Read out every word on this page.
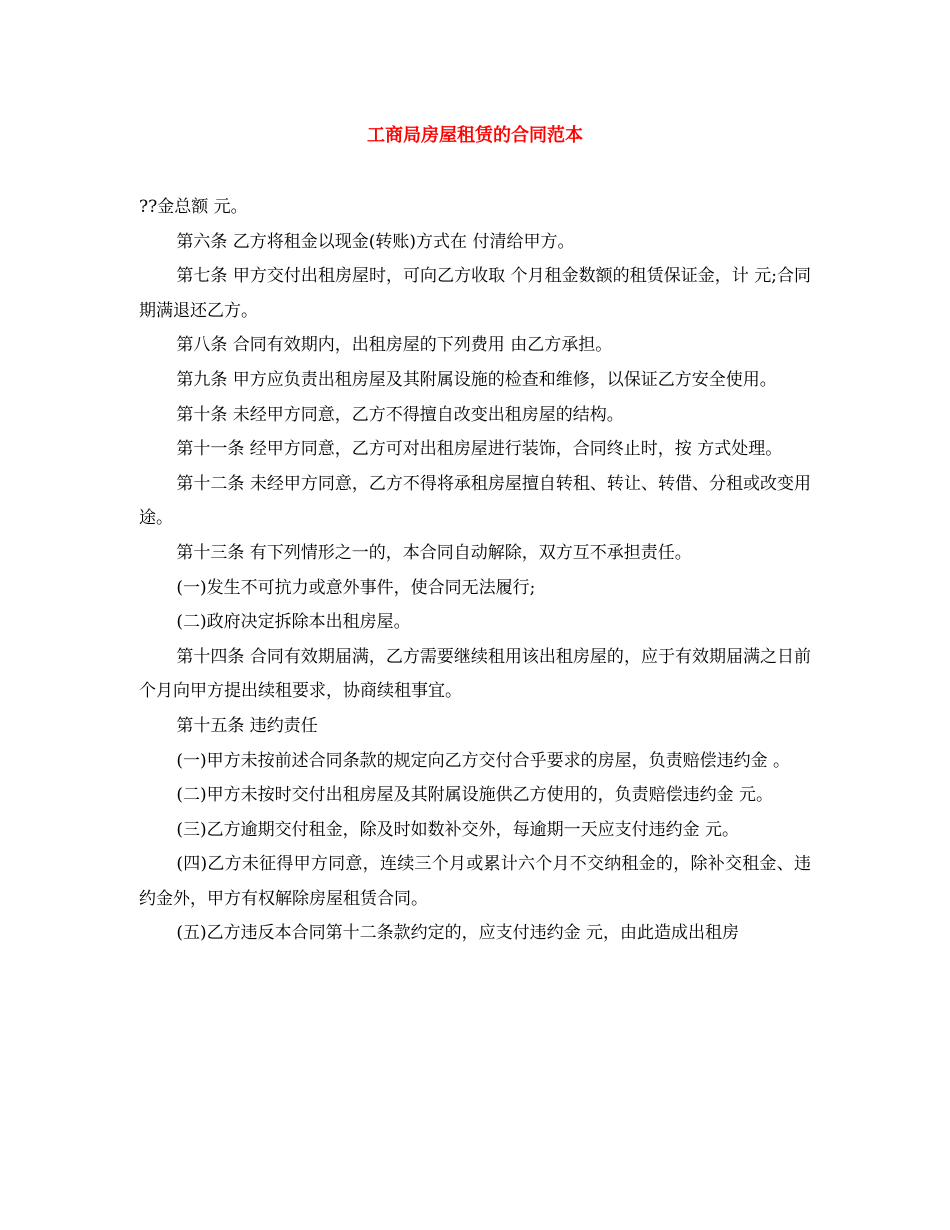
工商局房屋租赁的合同范本

??金总额 元。

第六条 乙方将租金以现金(转账)方式在 付清给甲方。

第七条 甲方交付出租房屋时，可向乙方收取 个月租金数额的租赁保证金，计 元;合同期满退还乙方。

第八条 合同有效期内，出租房屋的下列费用 由乙方承担。

第九条 甲方应负责出租房屋及其附属设施的检查和维修，以保证乙方安全使用。

第十条 未经甲方同意，乙方不得擅自改变出租房屋的结构。

第十一条 经甲方同意，乙方可对出租房屋进行装饰，合同终止时，按 方式处理。

第十二条 未经甲方同意，乙方不得将承租房屋擅自转租、转让、转借、分租或改变用途。

第十三条 有下列情形之一的，本合同自动解除，双方互不承担责任。

(一)发生不可抗力或意外事件，使合同无法履行;

(二)政府决定拆除本出租房屋。

第十四条 合同有效期届满，乙方需要继续租用该出租房屋的，应于有效期届满之日前 个月向甲方提出续租要求，协商续租事宜。

第十五条 违约责任

(一)甲方未按前述合同条款的规定向乙方交付合乎要求的房屋，负责赔偿违约金 。

(二)甲方未按时交付出租房屋及其附属设施供乙方使用的，负责赔偿违约金 元。

(三)乙方逾期交付租金，除及时如数补交外，每逾期一天应支付违约金 元。

(四)乙方未征得甲方同意，连续三个月或累计六个月不交纳租金的，除补交租金、违约金外，甲方有权解除房屋租赁合同。

(五)乙方违反本合同第十二条款约定的，应支付违约金 元，由此造成出租房
